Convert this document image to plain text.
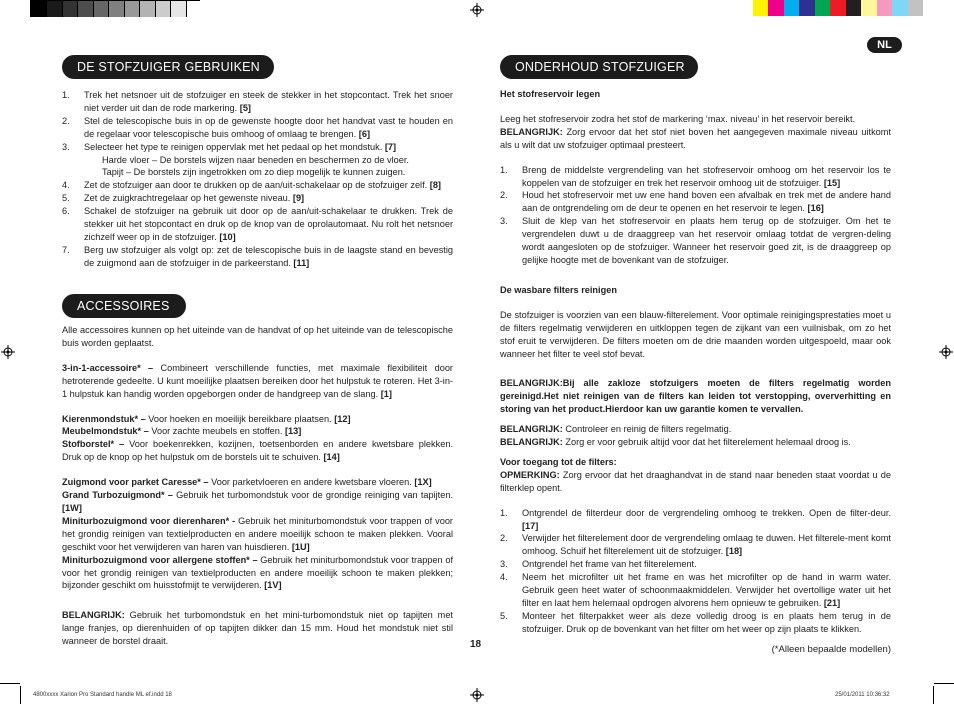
4800xxxx Xarion Pro Standard handle ML ef.indd 18	25/01/2011 10:36:32
DE STOFZUIGER GEBRUIKEN	ONDERHOUD STOFZUIGER
NL
1. Trek het netsnoer uit de stofzuiger en steek de stekker in het stopcontact. Trek het snoer niet verder uit dan de rode markering. [5]
2. Stel de telescopische buis in op de gewenste hoogte door het handvat vast te houden en de regelaar voor telescopische buis omhoog of omlaag te brengen. [6]
3. Selecteer het type te reinigen oppervlak met het pedaal op het mondstuk. [7]

Harde vloer – De borstels wijzen naar beneden en beschermen zo de vloer.

Tapijt – De borstels zijn ingetrokken om zo diep mogelijk te kunnen zuigen.

4. Zet de stofzuiger aan door te drukken op de aan/uit-schakelaar op de stofzuiger zelf. [8]
5. Zet de zuigkrachtregelaar op het gewenste niveau. [9]
6. Schakel de stofzuiger na gebruik uit door op de aan/uit-schakelaar te drukken. Trek de stekker uit het stopcontact en druk op de knop van de oprolautomaat. Nu rolt het netsnoer zichzelf weer op in de stofzuiger. [10]
7. Berg uw stofzuiger als volgt op: zet de telescopische buis in de laagste stand en bevestig de zuigmond aan de stofzuiger in de parkeerstand. [11]
ACCESSOIRES

Alle accessoires kunnen op het uiteinde van de handvat of op het uiteinde van de telescopische buis worden geplaatst.

3-in-1-accessoire* – Combineert verschillende functies, met maximale flexibiliteit door hetroterende gedeelte. U kunt moeilijke plaatsen bereiken door het hulpstuk te roteren. Het 3-in-1 hulpstuk kan handig worden opgeborgen onder de handgreep van de slang. [1]

Kierenmondstuk* – Voor hoeken en moeilijk bereikbare plaatsen. [12]

Meubelmondstuk* – Voor zachte meubels en stoffen. [13]

Stofborstel* – Voor boekenrekken, kozijnen, toetsenborden en andere kwetsbare plekken. Druk op de knop op het hulpstuk om de borstels uit te schuiven. [14]

Zuigmond voor parket Caresse* – Voor parketvloeren en andere kwetsbare vloeren. [1X]

Grand Turbozuigmond* – Gebruik het turbomondstuk voor de grondige reiniging van tapijten. [1W]

Miniturbozuigmond voor dierenharen* - Gebruik het miniturbomondstuk voor trappen of voor het grondig reinigen van textielproducten en andere moeilijk schoon te maken plekken. Vooral geschikt voor het verwijderen van haren van huisdieren. [1U]

Miniturbozuigmond voor allergene stoffen* – Gebruik het miniturbomondstuk voor trappen of voor het grondig reinigen van textielproducten en andere moeilijk schoon te maken plekken; bijzonder geschikt om huisstofmijt te verwijderen. [1V]

BELANGRIJK: Gebruik het turbomondstuk en het mini-turbomondstuk niet op tapijten met lange franjes, op dierenhuiden of op tapijten dikker dan 15 mm. Houd het mondstuk niet stil wanneer de borstel draait.

Het stofreservoir legen

Leeg het stofreservoir zodra het stof de markering ‘max. niveau’ in het reservoir bereikt.

BELANGRIJK: Zorg ervoor dat het stof niet boven het aangegeven maximale niveau uitkomt als u wilt dat uw stofzuiger optimaal presteert.

1. Breng de middelste vergrendeling van het stofreservoir omhoog om het reservoir los te koppelen van de stofzuiger en trek het reservoir omhoog uit de stofzuiger. [15]
2. Houd het stofreservoir met uw ene hand boven een afvalbak en trek met de andere hand aan de ontgrendeling om de deur te openen en het reservoir te legen. [16]
3. Sluit de klep van het stofreservoir en plaats hem terug op de stofzuiger. Om het te vergrendelen duwt u de draaggreep van het reservoir omlaag totdat de vergren-deling wordt aangesloten op de stofzuiger. Wanneer het reservoir goed zit, is de draaggreep op gelijke hoogte met de bovenkant van de stofzuiger.

De wasbare filters reinigen

De stofzuiger is voorzien van een blauw-filterelement. Voor optimale reinigingsprestaties moet u de filters regelmatig verwijderen en uitkloppen tegen de zijkant van een vuilnisbak, om zo het stof eruit te verwijderen. De filters moeten om de drie maanden worden uitgespoeld, maar ook wanneer het filter te veel stof bevat.

BELANGRIJK:Bij alle zakloze stofzuigers moeten de filters regelmatig worden gereinigd.Het niet reinigen van de filters kan leiden tot verstopping, oververhitting en storing van het product.Hierdoor kan uw garantie komen te vervallen.

BELANGRIJK: Controleer en reinig de filters regelmatig.

BELANGRIJK: Zorg er voor gebruik altijd voor dat het filterelement helemaal droog is.

Voor toegang tot de filters:

OPMERKING: Zorg ervoor dat het draaghandvat in de stand naar beneden staat voordat u de filterklep opent.

1. Ontgrendel de filterdeur door de vergrendeling omhoog te trekken. Open de filter-deur. [17]
2. Verwijder het filterelement door de vergrendeling omlaag te duwen. Het filterele-ment komt omhoog. Schuif het filterelement uit de stofzuiger. [18]
3. Ontgrendel het frame van het filterelement.
4. Neem het microfilter uit het frame en was het microfilter op de hand in warm water. Gebruik geen heet water of schoonmaakmiddelen. Verwijder het overtollige water uit het filter en laat hem helemaal opdrogen alvorens hem opnieuw te gebruiken. [21]
5. Monteer het filterpakket weer als deze volledig droog is en plaats hem terug in de stofzuiger. Druk op de bovenkant van het filter om het weer op zijn plaats te klikken.
18	(*Alleen bepaalde modellen)
